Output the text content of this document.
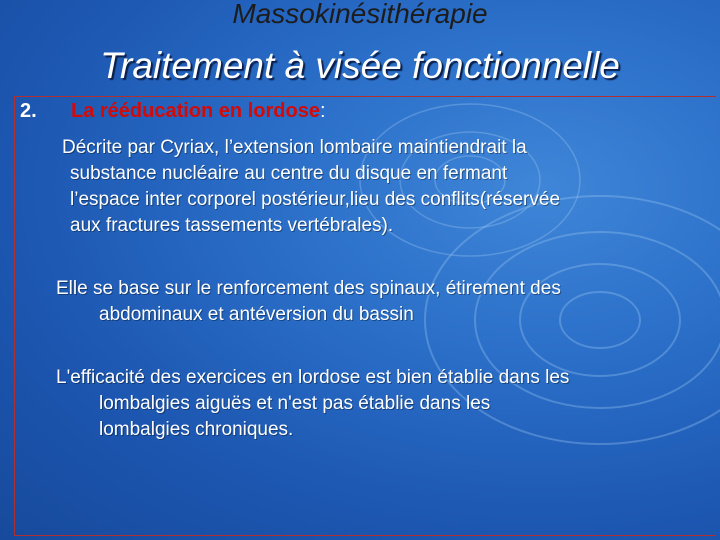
Massokinésithérapie
Traitement à visée fonctionnelle
2. La rééducation en lordose:
Décrite par Cyriax, l’extension lombaire maintiendrait la
substance nucléaire au centre du disque en fermant
l’espace inter corporel postérieur,lieu des conflits(réservée
aux fractures tassements vertébrales).
Elle se base sur le renforcement des spinaux, étirement des
abdominaux et antéversion du bassin
L'efficacité des exercices en lordose est bien établie dans les
lombalgies aiguës et n'est pas établie dans les
lombalgies chroniques.
